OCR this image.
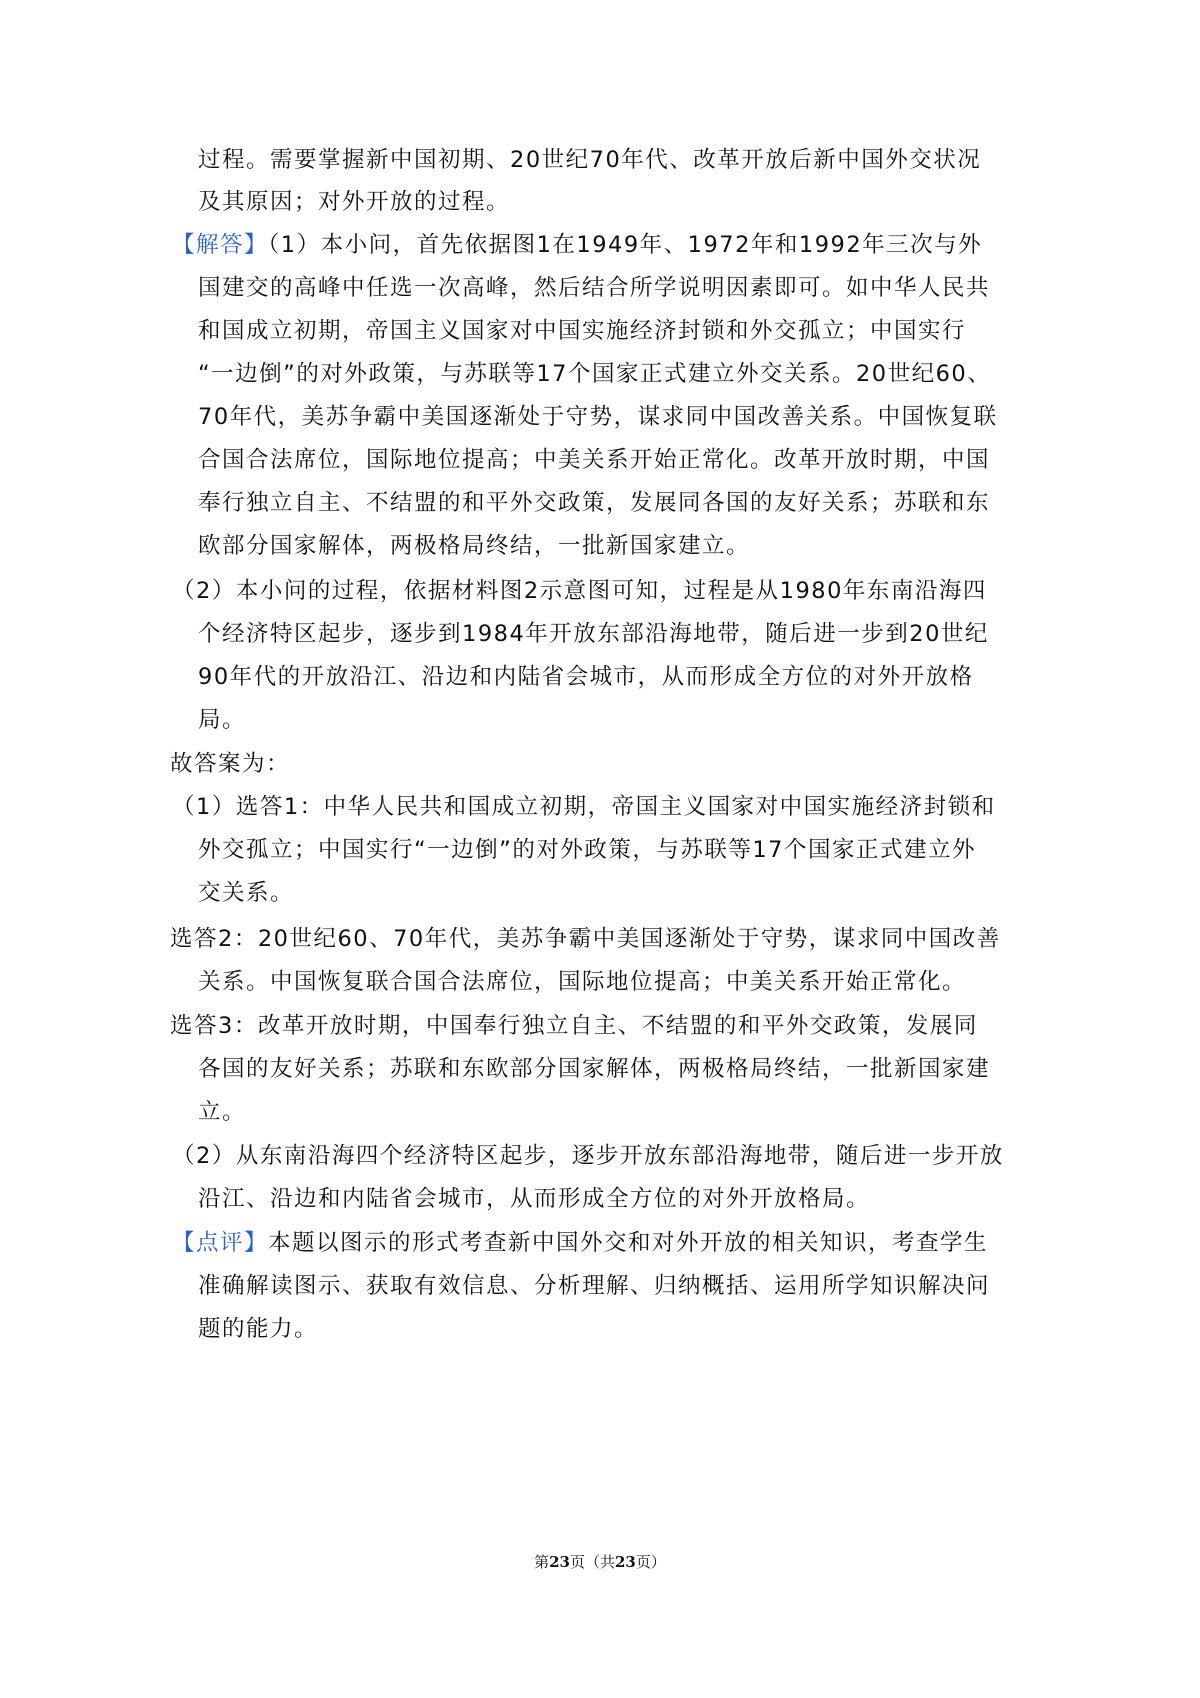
过程。需要掌握新中国初期、20世纪70年代、改革开放后新中国外交状况
及其原因；对外开放的过程。
【解答】（1）本小问，首先依据图1在1949年、1972年和1992年三次与外
国建交的高峰中任选一次高峰，然后结合所学说明因素即可。如中华人民共
和国成立初期，帝国主义国家对中国实施经济封锁和外交孤立；中国实行
“一边倒”的对外政策，与苏联等17个国家正式建立外交关系。20世纪60、
70年代，美苏争霸中美国逐渐处于守势，谋求同中国改善关系。中国恢复联
合国合法席位，国际地位提高；中美关系开始正常化。改革开放时期，中国
奉行独立自主、不结盟的和平外交政策，发展同各国的友好关系；苏联和东
欧部分国家解体，两极格局终结，一批新国家建立。
（2）本小问的过程，依据材料图2示意图可知，过程是从1980年东南沿海四
个经济特区起步，逐步到1984年开放东部沿海地带，随后进一步到20世纪
90年代的开放沿江、沿边和内陆省会城市，从而形成全方位的对外开放格
局。
故答案为：
（1）选答1：中华人民共和国成立初期，帝国主义国家对中国实施经济封锁和
外交孤立；中国实行“一边倒”的对外政策，与苏联等17个国家正式建立外
交关系。
选答2：20世纪60、70年代，美苏争霸中美国逐渐处于守势，谋求同中国改善
关系。中国恢复联合国合法席位，国际地位提高；中美关系开始正常化。
选答3：改革开放时期，中国奉行独立自主、不结盟的和平外交政策，发展同
各国的友好关系；苏联和东欧部分国家解体，两极格局终结，一批新国家建
立。
（2）从东南沿海四个经济特区起步，逐步开放东部沿海地带，随后进一步开放
沿江、沿边和内陆省会城市，从而形成全方位的对外开放格局。
【点评】本题以图示的形式考查新中国外交和对外开放的相关知识，考查学生
准确解读图示、获取有效信息、分析理解、归纳概括、运用所学知识解决问
题的能力。
第23页（共23页）
